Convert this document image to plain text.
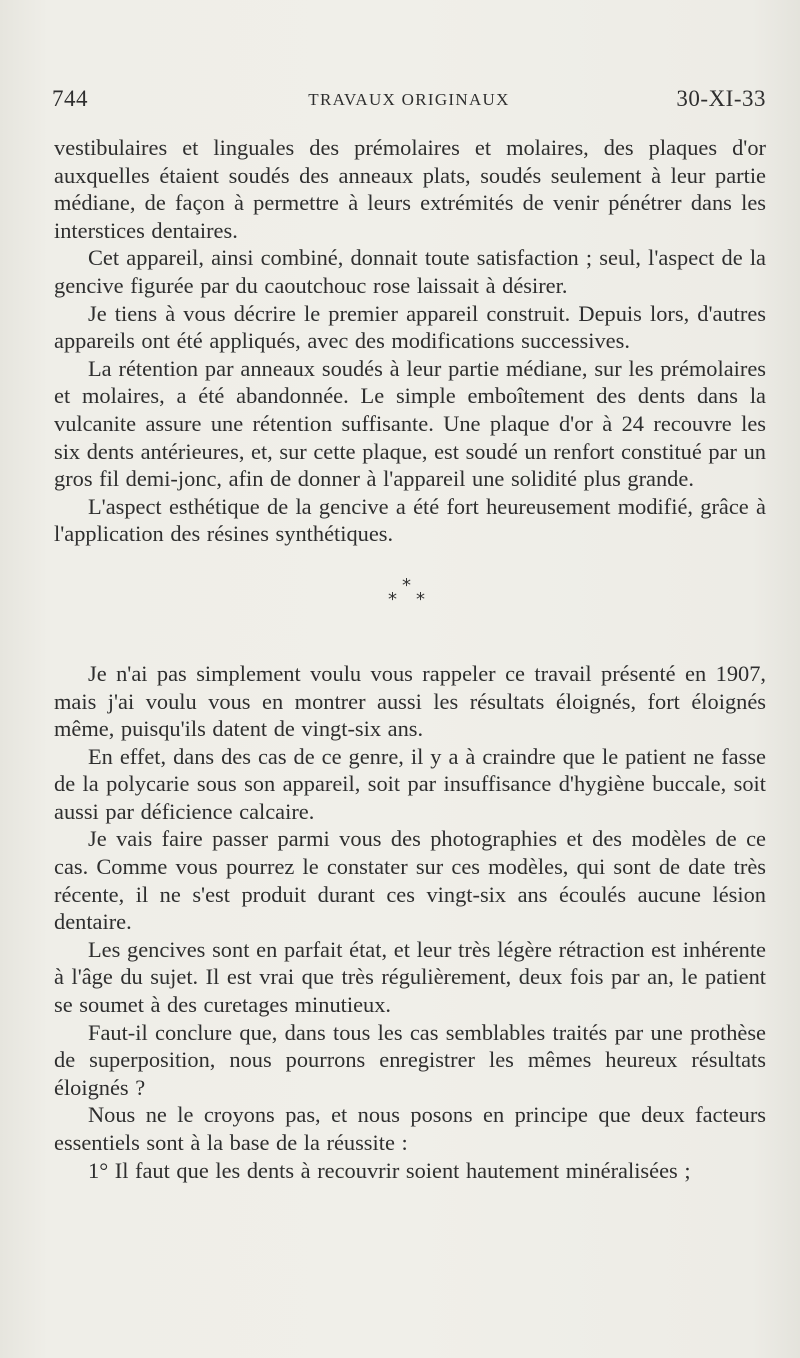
744	TRAVAUX ORIGINAUX	30-XI-33

vestibulaires et linguales des prémolaires et molaires, des plaques d'or auxquelles étaient soudés des anneaux plats, soudés seulement à leur partie médiane, de façon à permettre à leurs extrémités de venir pénétrer dans les interstices dentaires.

Cet appareil, ainsi combiné, donnait toute satisfaction ; seul, l'aspect de la gencive figurée par du caoutchouc rose laissait à désirer.

Je tiens à vous décrire le premier appareil construit. Depuis lors, d'autres appareils ont été appliqués, avec des modifications successives.

La rétention par anneaux soudés à leur partie médiane, sur les prémolaires et molaires, a été abandonnée. Le simple emboîtement des dents dans la vulcanite assure une rétention suffisante. Une plaque d'or à 24 recouvre les six dents antérieures, et, sur cette plaque, est soudé un renfort constitué par un gros fil demi-jonc, afin de donner à l'appareil une solidité plus grande.

L'aspect esthétique de la gencive a été fort heureusement modifié, grâce à l'application des résines synthétiques.

*
* *

Je n'ai pas simplement voulu vous rappeler ce travail présenté en 1907, mais j'ai voulu vous en montrer aussi les résultats éloignés, fort éloignés même, puisqu'ils datent de vingt-six ans.

En effet, dans des cas de ce genre, il y a à craindre que le patient ne fasse de la polycarie sous son appareil, soit par insuffisance d'hygiène buccale, soit aussi par déficience calcaire.

Je vais faire passer parmi vous des photographies et des modèles de ce cas. Comme vous pourrez le constater sur ces modèles, qui sont de date très récente, il ne s'est produit durant ces vingt-six ans écoulés aucune lésion dentaire.

Les gencives sont en parfait état, et leur très légère rétraction est inhérente à l'âge du sujet. Il est vrai que très régulièrement, deux fois par an, le patient se soumet à des curetages minutieux.

Faut-il conclure que, dans tous les cas semblables traités par une prothèse de superposition, nous pourrons enregistrer les mêmes heureux résultats éloignés ?

Nous ne le croyons pas, et nous posons en principe que deux facteurs essentiels sont à la base de la réussite :

1° Il faut que les dents à recouvrir soient hautement minéralisées ;
